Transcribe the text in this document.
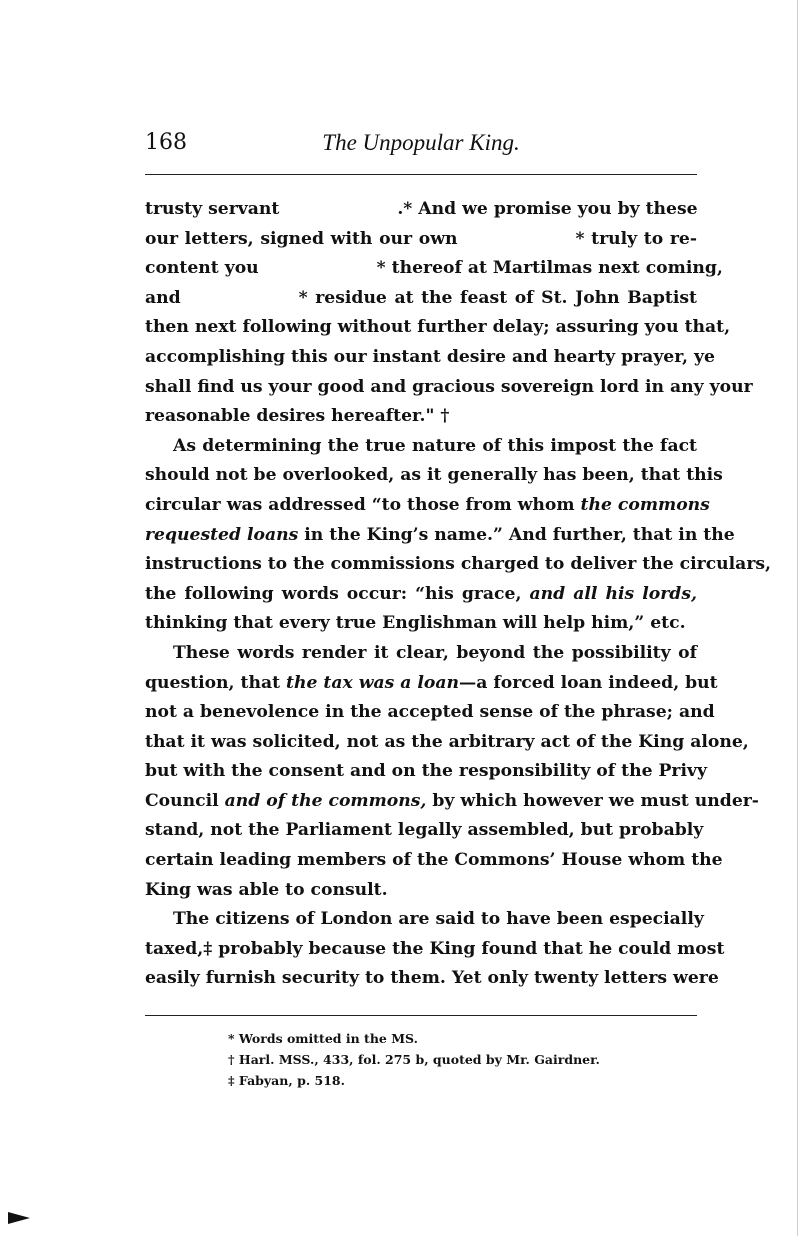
168	The Unpopular King.
trusty servant	.* And we promise you by these
our letters, signed with our own	* truly to re-
content you	* thereof at Martilmas next coming,
and	* residue at the feast of St. John Baptist
then next following without further delay; assuring you that,
accomplishing this our instant desire and hearty prayer, ye
shall find us your good and gracious sovereign lord in any your
reasonable desires hereafter." †
As determining the true nature of this impost the fact
should not be overlooked, as it generally has been, that this
circular was addressed “to those from whom the commons
requested loans in the King’s name.” And further, that in the
instructions to the commissions charged to deliver the circulars,
the following words occur: “his grace, and all his lords,
thinking that every true Englishman will help him,” etc.
These words render it clear, beyond the possibility of
question, that the tax was a loan—a forced loan indeed, but
not a benevolence in the accepted sense of the phrase; and
that it was solicited, not as the arbitrary act of the King alone,
but with the consent and on the responsibility of the Privy
Council and of the commons, by which however we must under-
stand, not the Parliament legally assembled, but probably
certain leading members of the Commons’ House whom the
King was able to consult.
The citizens of London are said to have been especially
taxed,‡ probably because the King found that he could most
easily furnish security to them. Yet only twenty letters were
* Words omitted in the MS.
† Harl. MSS., 433, fol. 275 b, quoted by Mr. Gairdner.
‡ Fabyan, p. 518.
